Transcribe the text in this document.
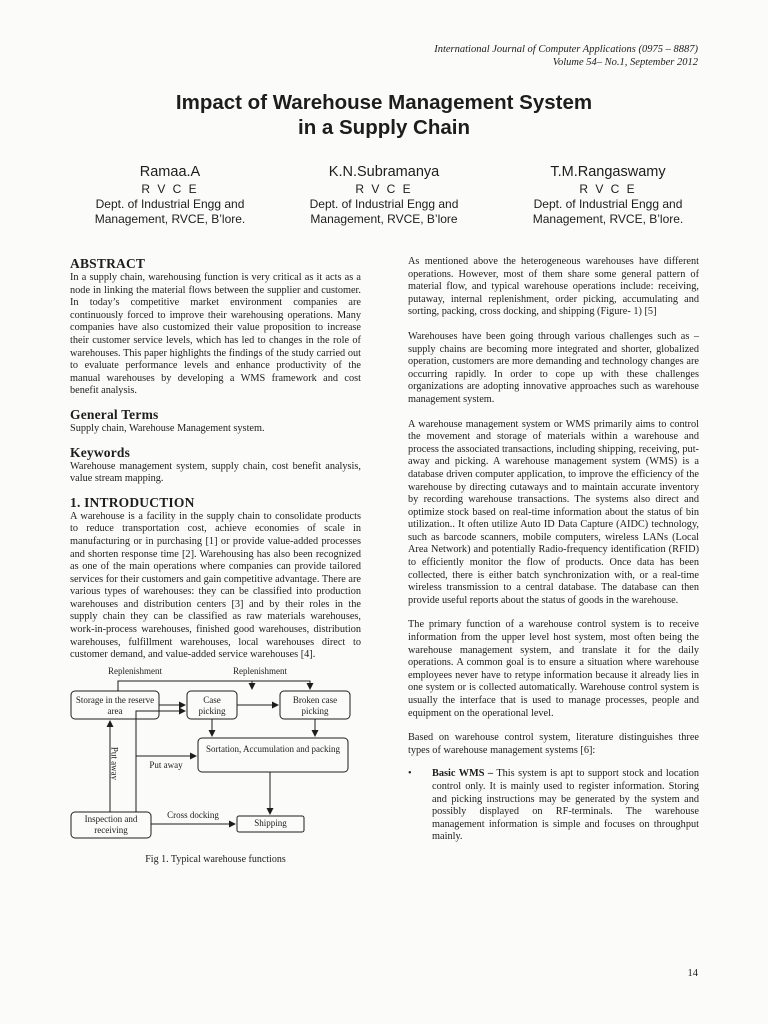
International Journal of Computer Applications (0975 – 8887)
Volume 54– No.1, September 2012
Impact of Warehouse Management System
in a Supply Chain
Ramaa.A
R V C E
Dept. of Industrial Engg and
Management, RVCE, B’lore.
K.N.Subramanya
R V C E
Dept. of Industrial Engg and
Management, RVCE, B’lore
T.M.Rangaswamy
R V C E
Dept. of Industrial Engg and
Management, RVCE, B’lore.
ABSTRACT

In a supply chain, warehousing function is very critical as it acts as a node in linking the material flows between the supplier and customer. In today’s competitive market environment companies are continuously forced to improve their warehousing operations. Many companies have also customized their value proposition to increase their customer service levels, which has led to changes in the role of warehouses. This paper highlights the findings of the study carried out to evaluate performance levels and enhance productivity of the manual warehouses by developing a WMS framework and cost benefit analysis.

General Terms

Supply chain, Warehouse Management system.

Keywords

Warehouse management system, supply chain, cost benefit analysis, value stream mapping.

1. INTRODUCTION

A warehouse is a facility in the supply chain to consolidate products to reduce transportation cost, achieve economies of scale in manufacturing or in purchasing [1] or provide value-added processes and shorten response time [2]. Warehousing has also been recognized as one of the main operations where companies can provide tailored services for their customers and gain competitive advantage. There are various types of warehouses: they can be classified into production warehouses and distribution centers [3] and by their roles in the supply chain they can be classified as raw materials warehouses, work-in-process warehouses, finished good warehouses, distribution warehouses, fulfillment warehouses, local warehouses direct to customer demand, and value-added service warehouses [4].

Replenishment	Replenishment
Storage in the reserve area
Case picking
Broken case picking
Put away	Put away
Sortation, Accumulation and packing
Cross docking
Inspection and receiving
Shipping
Fig 1. Typical warehouse functions

As mentioned above the heterogeneous warehouses have different operations. However, most of them share some general pattern of material flow, and typical warehouse operations include: receiving, putaway, internal replenishment, order picking, accumulating and sorting, packing, cross docking, and shipping (Figure- 1) [5]

Warehouses have been going through various challenges such as – supply chains are becoming more integrated and shorter, globalized operation, customers are more demanding and technology changes are occurring rapidly. In order to cope up with these challenges organizations are adopting innovative approaches such as warehouse management system.

A warehouse management system or WMS primarily aims to control the movement and storage of materials within a warehouse and process the associated transactions, including shipping, receiving, put-away and picking. A warehouse management system (WMS) is a database driven computer application, to improve the efficiency of the warehouse by directing cutaways and to maintain accurate inventory by recording warehouse transactions. The systems also direct and optimize stock based on real-time information about the status of bin utilization.. It often utilize Auto ID Data Capture (AIDC) technology, such as barcode scanners, mobile computers, wireless LANs (Local Area Network) and potentially Radio-frequency identification (RFID) to efficiently monitor the flow of products. Once data has been collected, there is either batch synchronization with, or a real-time wireless transmission to a central database. The database can then provide useful reports about the status of goods in the warehouse.

The primary function of a warehouse control system is to receive information from the upper level host system, most often being the warehouse management system, and translate it for the daily operations. A common goal is to ensure a situation where warehouse employees never have to retype information because it already lies in one system or is collected automatically. Warehouse control system is usually the interface that is used to manage processes, people and equipment on the operational level.

Based on warehouse control system, literature distinguishes three types of warehouse management systems [6]:

•	Basic WMS – This system is apt to support stock and location control only. It is mainly used to register information. Storing and picking instructions may be generated by the system and possibly displayed on RF-terminals. The warehouse management information is simple and focuses on throughput mainly.
14
